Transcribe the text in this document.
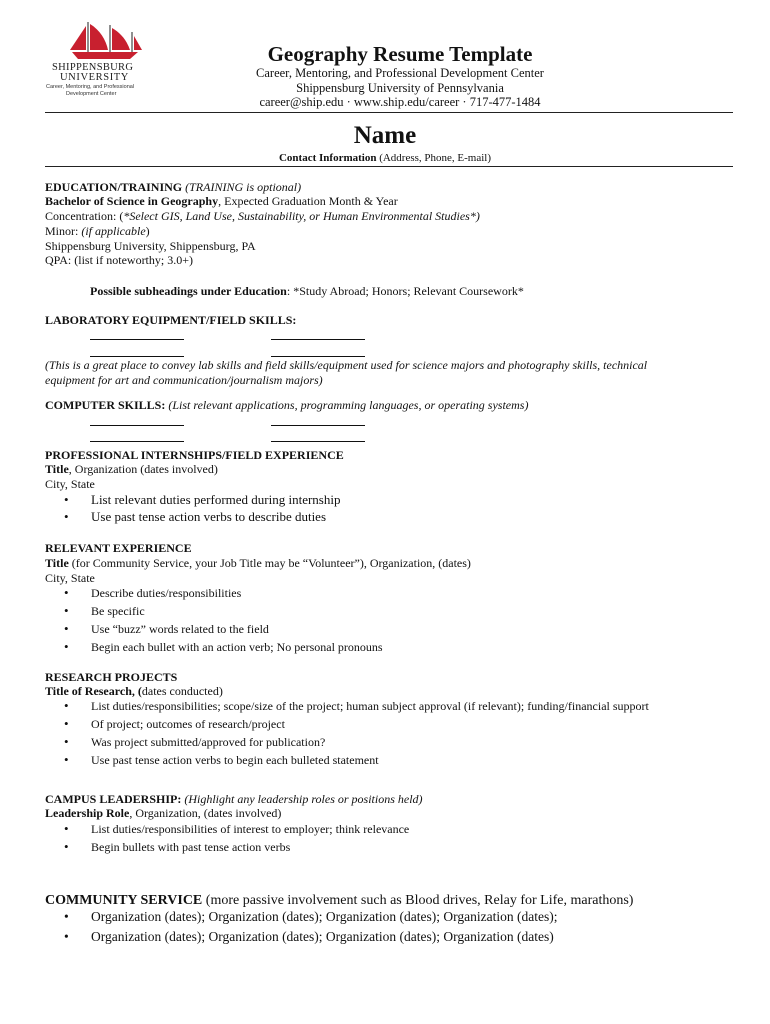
SHIPPENSBURG
UNIVERSITY
Career, Mentoring, and Professional
Development Center
Geography Resume Template
Career, Mentoring, and Professional Development Center
Shippensburg University of Pennsylvania
career@ship.edu · www.ship.edu/career · 717-477-1484
Name
Contact Information (Address, Phone, E-mail)
EDUCATION/TRAINING (TRAINING is optional)
Bachelor of Science in Geography, Expected Graduation Month & Year
Concentration: (*Select GIS, Land Use, Sustainability, or Human Environmental Studies*)
Minor: (if applicable)
Shippensburg University, Shippensburg, PA
QPA: (list if noteworthy; 3.0+)
Possible subheadings under Education: *Study Abroad; Honors; Relevant Coursework*
LABORATORY EQUIPMENT/FIELD SKILLS:
(This is a great place to convey lab skills and field skills/equipment used for science majors and photography skills, technical
equipment for art and communication/journalism majors)
COMPUTER SKILLS: (List relevant applications, programming languages, or operating systems)
PROFESSIONAL INTERNSHIPS/FIELD EXPERIENCE
Title, Organization (dates involved)
City, State
• List relevant duties performed during internship
• Use past tense action verbs to describe duties
RELEVANT EXPERIENCE
Title (for Community Service, your Job Title may be “Volunteer”), Organization, (dates)
City, State
• Describe duties/responsibilities
• Be specific
• Use “buzz” words related to the field
• Begin each bullet with an action verb; No personal pronouns
RESEARCH PROJECTS
Title of Research, (dates conducted)
• List duties/responsibilities; scope/size of the project; human subject approval (if relevant); funding/financial support
• Of project; outcomes of research/project
• Was project submitted/approved for publication?
• Use past tense action verbs to begin each bulleted statement
CAMPUS LEADERSHIP: (Highlight any leadership roles or positions held)
Leadership Role, Organization, (dates involved)
• List duties/responsibilities of interest to employer; think relevance
• Begin bullets with past tense action verbs
COMMUNITY SERVICE (more passive involvement such as Blood drives, Relay for Life, marathons)
• Organization (dates); Organization (dates); Organization (dates); Organization (dates);
• Organization (dates); Organization (dates); Organization (dates); Organization (dates)
